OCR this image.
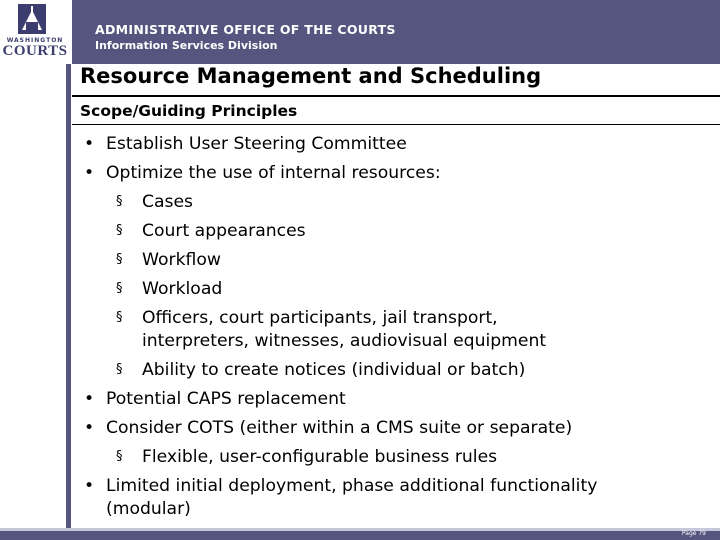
WASHINGTON
COURTS
ADMINISTRATIVE OFFICE OF THE COURTS
Information Services Division
Resource Management and Scheduling
Scope/Guiding Principles
• Establish User Steering Committee
• Optimize the use of internal resources:
§ Cases
§ Court appearances
§ Workflow
§ Workload
§ Officers, court participants, jail transport,
interpreters, witnesses, audiovisual equipment
§ Ability to create notices (individual or batch)
• Potential CAPS replacement
• Consider COTS (either within a CMS suite or separate)
§ Flexible, user-configurable business rules
• Limited initial deployment, phase additional functionality
(modular)
Page 79
